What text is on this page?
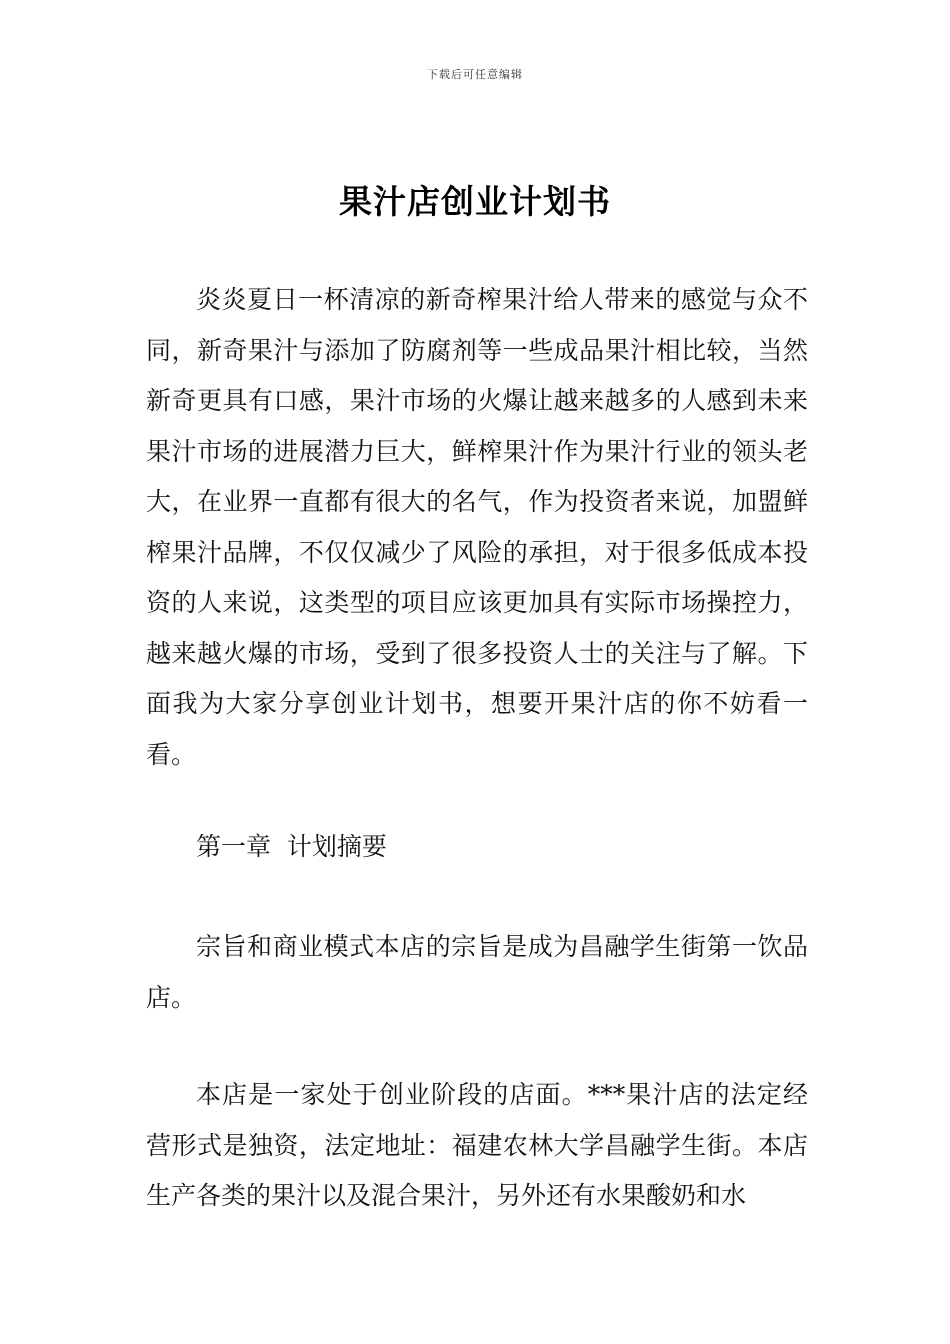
下载后可任意编辑
果汁店创业计划书

炎炎夏日一杯清凉的新奇榨果汁给人带来的感觉与众不同，新奇果汁与添加了防腐剂等一些成品果汁相比较，当然新奇更具有口感，果汁市场的火爆让越来越多的人感到未来果汁市场的进展潜力巨大，鲜榨果汁作为果汁行业的领头老大，在业界一直都有很大的名气，作为投资者来说，加盟鲜榨果汁品牌，不仅仅减少了风险的承担，对于很多低成本投资的人来说，这类型的项目应该更加具有实际市场操控力，越来越火爆的市场，受到了很多投资人士的关注与了解。下面我为大家分享创业计划书，想要开果汁店的你不妨看一看。

第一章  计划摘要

宗旨和商业模式本店的宗旨是成为昌融学生街第一饮品店。

本店是一家处于创业阶段的店面。***果汁店的法定经营形式是独资，法定地址：福建农林大学昌融学生街。本店生产各类的果汁以及混合果汁，另外还有水果酸奶和水
